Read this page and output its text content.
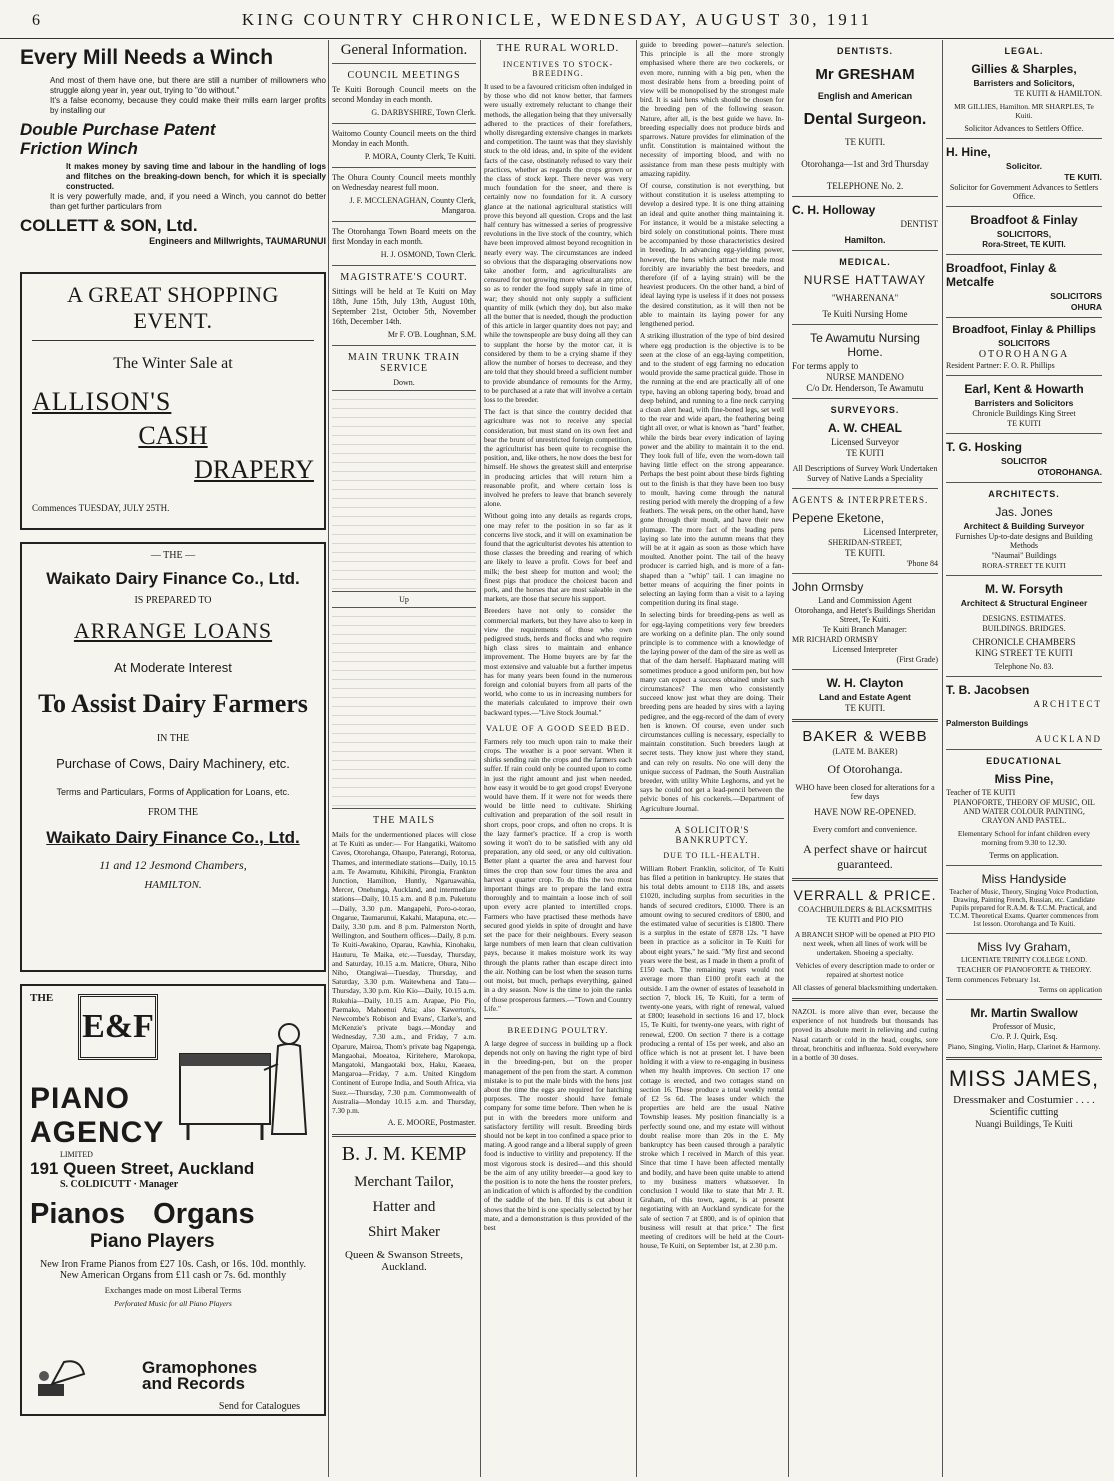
6	KING COUNTRY CHRONICLE, WEDNESDAY, AUGUST 30, 1911
Every Mill Needs a Winch
And most of them have one, but there are still a number of millowners who struggle along year in, year out, trying to "do without."
It's a false economy, because they could make their mills earn larger profits by installing our
Double Purchase Patent Friction Winch
It makes money by saving time and labour in the handling of logs and flitches on the breaking-down bench, for which it is specially constructed.
It is very powerfully made, and, if you need a Winch, you cannot do better than get further particulars from
COLLETT & SON, Ltd.
Engineers and Millwrights, TAUMARUNUI
A GREAT SHOPPING EVENT.
The Winter Sale at
ALLISON'S
CASH
DRAPERY
Commences TUESDAY, JULY 25TH.
— THE —
Waikato Dairy Finance Co., Ltd.
IS PREPARED TO
ARRANGE LOANS
At Moderate Interest
To Assist Dairy Farmers
IN THE
Purchase of Cows, Dairy Machinery, etc.
Terms and Particulars, Forms of Application for Loans, etc.
FROM THE
Waikato Dairy Finance Co., Ltd.
11 and 12 Jesmond Chambers,
HAMILTON.
THE
E&F
PIANO
AGENCY
LIMITED
191 Queen Street, Auckland
S. COLDICUTT · Manager
Pianos Organs
Piano Players
New Iron Frame Pianos from £27 10s. Cash, or 16s. 10d. monthly. New American Organs from £11 cash or 7s. 6d. monthly
Exchanges made on most Liberal Terms
Perforated Music for all Piano Players
Gramophones
and Records
Send for Catalogues
General Information.
COUNCIL MEETINGS

Te Kuiti Borough Council meets on the second Monday in each month.

G. DARBYSHIRE, Town Clerk.

Waitomo County Council meets on the third Monday in each Month.

P. MORA, County Clerk, Te Kuiti.

The Ohura County Council meets monthly on Wednesday nearest full moon.

J. F. MCCLENAGHAN, County Clerk, Mangaroa.

The Otorohanga Town Board meets on the first Monday in each month.

H. J. OSMOND, Town Clerk.

MAGISTRATE'S COURT.

Sittings will be held at Te Kuiti on May 18th, June 15th, July 13th, August 10th, September 21st, October 5th, November 16th, December 14th.

Mr F. O'B. Loughnan, S.M.

MAIN TRUNK TRAIN SERVICE
Down.
Up
THE MAILS

Mails for the undermentioned places will close at Te Kuiti as under:— For Hangatiki, Waitomo Caves, Otorohanga, Ohaupo, Paterangi, Rotorua, Thames, and intermediate stations—Daily, 10.15 a.m. Te Awamutu, Kihikihi, Pirongia, Frankton Junction, Hamilton, Huntly, Ngaruawahia, Mercer, Onehunga, Auckland, and intermediate stations—Daily, 10.15 a.m. and 8 p.m. Puketutu—Daily, 3.30 p.m. Mangapehi, Poro-o-torao, Ongarue, Taumarunui, Kakahi, Matapuna, etc.—Daily, 3.30 p.m. and 8 p.m. Palmerston North, Wellington, and Southern offices—Daily, 8 p.m. Te Kuiti-Awakino, Oparau, Kawhia, Kinohaku, Hauturu, Te Maika, etc.—Tuesday, Thursday, and Saturday, 10.15 a.m. Maticre, Ohura, Niho Niho, Otangiwai—Tuesday, Thursday, and Saturday, 3.30 p.m. Waitewhena and Tatu—Thursday, 3.30 p.m. Kio Kio—Daily, 10.15 a.m. Rukuhia—Daily, 10.15 a.m. Arapae, Pio Pio, Paemako, Mahoenui Aria; also Kawerton's, Newcombe's Robison and Evans', Clarke's, and McKenzie's private bags.—Monday and Wednesday, 7.30 a.m., and Friday, 7 a.m. Oparure, Mairoa, Thom's private bag Ngapenga, Mangaohai, Moeatoa, Kiritehere, Marokopa, Mangatoki, Mangaotaki box, Haku, Kaeaea, Mangaroa—Friday, 7 a.m. United Kingdom Continent of Europe India, and South Africa, via Suez.—Thursday, 7.30 p.m. Commonwealth of Australia—Monday 10.15 a.m. and Thursday, 7.30 p.m.

A. E. MOORE, Postmaster.

B. J. M. KEMP
Merchant Tailor,
Hatter and
Shirt Maker
Queen & Swanson Streets,
Auckland.
THE RURAL WORLD.
INCENTIVES TO STOCK-BREEDING.

It used to be a favoured criticism often indulged in by those who did not know better, that farmers were usually extremely reluctant to change their methods, the allegation being that they universally adhered to the practices of their forefathers, wholly disregarding extensive changes in markets and competition. The taunt was that they slavishly stuck to the old ideas, and, in spite of the evident facts of the case, obstinately refused to vary their practices, whether as regards the crops grown or the class of stock kept. There never was very much foundation for the sneer, and there is certainly now no foundation for it. A cursory glance at the national agricultural statistics will prove this beyond all question. Crops and the last half century has witnessed a series of progressive revolutions in the live stock of the country, which have been improved almost beyond recognition in nearly every way. The circumstances are indeed so obvious that the disparaging observations now take another form, and agriculturalists are censured for not growing more wheat at any price, so as to render the food supply safe in time of war; they should not only supply a sufficient quantity of milk (which they do), but also make all the butter that is needed, though the production of this article in larger quantity does not pay; and while the townspeople are busy doing all they can to supplant the horse by the motor car, it is considered by them to be a crying shame if they allow the number of horses to decrease, and they are told that they should breed a sufficient number to provide abundance of remounts for the Army, to be purchased at a rate that will involve a certain loss to the breeder.

The fact is that since the country decided that agriculture was not to receive any special consideration, but must stand on its own feet and bear the brunt of unrestricted foreign competition, the agriculturist has been quite to recognise the position, and, like others, he now does the best for himself. He shows the greatest skill and enterprise in producing articles that will return him a reasonable profit, and where certain loss is involved he prefers to leave that branch severely alone.

Without going into any details as regards crops, one may refer to the position in so far as it concerns live stock, and it will on examination be found that the agriculturist devotes his attention to those classes the breeding and rearing of which are likely to leave a profit. Cows for beef and milk; the best sheep for mutton and wool; the finest pigs that produce the choicest bacon and pork, and the horses that are most saleable in the markets, are those that secure his support.

Breeders have not only to consider the commercial markets, but they have also to keep in view the requirements of those who own pedigreed studs, herds and flocks and who require high class sires to maintain and enhance improvement. The Home buyers are by far the most extensive and valuable but a further impetus has for many years been found in the numerous foreign and colonial buyers from all parts of the world, who come to us in increasing numbers for the materials calculated to improve their own backward types.—"Live Stock Journal."

VALUE OF A GOOD SEED BED.

Farmers rely too much upon rain to make their crops. The weather is a poor servant. When it shirks sending rain the crops and the farmers each suffer. If rain could only be counted upon to come in just the right amount and just when needed, how easy it would be to get good crops! Everyone would have them. If it were not for weeds there would be little need to cultivate. Shirking cultivation and preparation of the soil result in short crops, poor crops, and often no crops. It is the lazy farmer's practice. If a crop is worth sowing it won't do to be satisfied with any old preparation, any old seed, or any old cultivation. Better plant a quarter the area and harvest four times the crop than sow four times the area and harvest a quarter crop. To do this the two most important things are to prepare the land extra thoroughly and to maintain a loose inch of soil upon every acre planted to intertilled crops. Farmers who have practised these methods have secured good yields in spite of drought and have set the pace for their neighbours. Every season large numbers of men learn that clean cultivation pays, because it makes moisture work its way through the plants rather than escape direct into the air. Nothing can be lost when the season turns out moist, but much, perhaps everything, gained in a dry season. Now is the time to join the ranks of those prosperous farmers.—"Town and Country Life."

BREEDING POULTRY.

A large degree of success in building up a flock depends not only on having the right type of bird in the breeding-pen, but on the proper management of the pen from the start. A common mistake is to put the male birds with the hens just about the time the eggs are required for hatching purposes. The rooster should have female company for some time before. Then when he is put in with the breeders more uniform and satisfactory fertility will result. Breeding birds should not be kept in too confined a space prior to mating. A good range and a liberal supply of green food is inductive to virility and prepotency. If the most vigorous stock is desired—and this should be the aim of any utility breeder—a good key to the position is to note the hens the rooster prefers, an indication of which is afforded by the condition of the saddle of the hen. If this is cut about it shows that the bird is one specially selected by her mate, and a demonstration is thus provided of the best

guide to breeding power—nature's selection. This principle is all the more strongly emphasised where there are two cockerels, or even more, running with a big pen, when the most desirable hens from a breeding point of view will be monopolised by the strongest male bird. It is said hens which should be chosen for the breeding pen of the following season. Nature, after all, is the best guide we have. In-breeding especially does not produce birds and sparrows. Nature provides for elimination of the unfit. Constitution is maintained without the necessity of importing blood, and with no assistance from man these pests multiply with amazing rapidity.

Of course, constitution is not everything, but without constitution it is useless attempting to develop a desired type. It is one thing attaining an ideal and quite another thing maintaining it. For instance, it would be a mistake selecting a bird solely on constitutional points. There must be accompanied by those characteristics desired in breeding. In advancing egg-yielding power, however, the hens which attract the male most forcibly are invariably the best breeders, and therefore (if of a laying strain) will be the heaviest producers. On the other hand, a bird of ideal laying type is useless if it does not possess the desired constitution, as it will then not be able to maintain its laying power for any lengthened period.

A striking illustration of the type of bird desired where egg production is the objective is to be seen at the close of an egg-laying competition, and to the student of egg farming no education would provide the same practical guide. Those in the running at the end are practically all of one type, having an oblong tapering body, broad and deep behind, and running to a fine neck carrying a clean alert head, with fine-boned legs, set well to the rear and wide apart, the feathering being tight all over, or what is known as "hard" feather, while the birds bear every indication of laying power and the ability to maintain it to the end. They look full of life, even the worn-down tail having little effect on the strong appearance. Perhaps the best point about these birds fighting out to the finish is that they have been too busy to moult, having come through the natural resting period with merely the dropping of a few feathers. The weak pens, on the other hand, have gone through their moult, and have their new plumage. The more fact of the leading pens laying so late into the autumn means that they will be at it again as soon as those which have moulted. Another point. The tail of the heavy producer is carried high, and is more of a fan-shaped than a "whip" tail. I can imagine no better means of acquiring the finer points in selecting an laying form than a visit to a laying competition during its final stage.

In selecting birds for breeding-pens as well as for egg-laying competitions very few breeders are working on a definite plan. The only sound principle is to commence with a knowledge of the laying power of the dam of the sire as well as that of the dam herself. Haphazard mating will sometimes produce a good uniform pen, but how many can expect a success obtained under such circumstances? The men who consistently succeed know just what they are doing. Their breeding pens are headed by sires with a laying pedigree, and the egg-record of the dam of every hen is known. Of course, even under such circumstances culling is necessary, especially to maintain constitution. Such breeders laugh at secret tests. They know just where they stand, and can rely on results. No one will deny the unique success of Padman, the South Australian breeder, with utility White Leghorns, and yet he says he could not get a lead-pencil between the pelvic bones of his cockerels.—Department of Agriculture Journal.

A SOLICITOR'S BANKRUPTCY.
DUE TO ILL-HEALTH.

William Robert Franklin, solicitor, of Te Kuiti has filed a petition in bankruptcy. He states that his total debts amount to £118 18s, and assets £1020, including surplus from securities in the hands of secured creditors, £1000. There is an amount owing to secured creditors of £800, and the estimated value of securities is £1800. There is a surplus in the estate of £878 12s. "I have been in practice as a solicitor in Te Kuiti for about eight years," he said. "My first and second years were the best, as I made in them a profit of £150 each. The remaining years would not average more than £100 profit each at the outside. I am the owner of estates of leasehold in section 7, block 16, Te Kuiti, for a term of twenty-one years, with right of renewal, valued at £800; leasehold in sections 16 and 17, block 15, Te Kuiti, for twenty-one years, with right of renewal, £200. On section 7 there is a cottage producing a rental of 15s per week, and also an office which is not at present let. I have been holding it with a view to re-engaging in business when my health improves. On section 17 one cottage is erected, and two cottages stand on section 16. These produce a total weekly rental of £2 5s 6d. The leases under which the properties are held are the usual Native Township leases. My position financially is a perfectly sound one, and my estate will without doubt realise more than 20s in the £. My bankruptcy has been caused through a paralytic stroke which I received in March of this year. Since that time I have been affected mentally and bodily, and have been quite unable to attend to my business matters whatsoever. In conclusion I would like to state that Mr J. R. Graham, of this town, agent, is at present negotiating with an Auckland syndicate for the sale of section 7 at £800, and is of opinion that business will result at that price." The first meeting of creditors will be held at the Court-house, Te Kuiti, on September 1st, at 2.30 p.m.

DENTISTS.
Mr GRESHAM
English and American
Dental Surgeon.
TE KUITI.
Otorohanga—1st and 3rd Thursday
TELEPHONE No. 2.
C. H. Holloway
DENTIST
Hamilton.
MEDICAL.
NURSE HATTAWAY
"WHARENANA"
Te Kuiti Nursing Home
Te Awamutu Nursing Home.
For terms apply to
NURSE MANDENO
C/o Dr. Henderson, Te Awamutu
SURVEYORS.
A. W. CHEAL
Licensed Surveyor
TE KUITI
All Descriptions of Survey Work Undertaken
Survey of Native Lands a Speciality
AGENTS & INTERPRETERS.
Pepene Eketone,
Licensed Interpreter,
SHERIDAN-STREET,
TE KUITI.
'Phone 84
John Ormsby
Land and Commission Agent
Otorohanga, and Hetet's Buildings Sheridan Street, Te Kuiti.
Te Kuiti Branch Manager:
MR RICHARD ORMSBY
Licensed Interpreter
(First Grade)
W. H. Clayton
Land and Estate Agent
TE KUITI.
BAKER & WEBB
(LATE M. BAKER)
Of Otorohanga.
WHO have been closed for alterations for a few days
HAVE NOW RE-OPENED.
Every comfort and convenience.
A perfect shave or haircut guaranteed.
VERRALL & PRICE.
COACHBUILDERS & BLACKSMITHS
TE KUITI and PIO PIO
A BRANCH SHOP will be opened at PIO PIO next week, when all lines of work will be undertaken. Shoeing a specialty.
Vehicles of every description made to order or repaired at shortest notice
All classes of general blacksmithing undertaken.

NAZOL is more alive than ever, because the experience of not hundreds but thousands has proved its absolute merit in relieving and curing Nasal catarrh or cold in the head, coughs, sore throat, bronchitis and influenza. Sold everywhere in a bottle of 30 doses.

LEGAL.
Gillies & Sharples,
Barristers and Solicitors,
TE KUITI & HAMILTON.
MR GILLIES, Hamilton. MR SHARPLES, Te Kuiti.
Solicitor Advances to Settlers Office.
H. Hine,
Solicitor.
TE KUITI.
Solicitor for Government Advances to Settlers Office.
Broadfoot & Finlay
SOLICITORS,
Rora-Street, TE KUITI.
Broadfoot, Finlay & Metcalfe
SOLICITORS
OHURA
Broadfoot, Finlay & Phillips
SOLICITORS
OTOROHANGA
Resident Partner: F. O. R. Phillips
Earl, Kent & Howarth
Barristers and Solicitors
Chronicle Buildings King Street
TE KUITI
T. G. Hosking
SOLICITOR
OTOROHANGA.
ARCHITECTS.
Jas. Jones
Architect & Building Surveyor
Furnishes Up-to-date designs and Building Methods
"Naumai" Buildings
RORA-STREET TE KUITI
M. W. Forsyth
Architect & Structural Engineer
DESIGNS. ESTIMATES.
BUILDINGS. BRIDGES.
CHRONICLE CHAMBERS
KING STREET TE KUITI
Telephone No. 83.
T. B. Jacobsen
ARCHITECT
Palmerston Buildings
AUCKLAND
EDUCATIONAL
Miss Pine,
Teacher of TE KUITI
PIANOFORTE, THEORY OF MUSIC, OIL AND WATER COLOUR PAINTING, CRAYON AND PASTEL.
Elementary School for infant children every morning from 9.30 to 12.30.
Terms on application.
Miss Handyside
Teacher of Music, Theory, Singing Voice Production, Drawing, Painting French, Russian, etc. Candidate Pupils prepared for R.A.M. & T.C.M. Practical, and T.C.M. Theoretical Exams. Quarter commences from 1st lesson. Otorohanga and Te Kuiti.
Miss Ivy Graham,
LICENTIATE TRINITY COLLEGE LOND.
TEACHER OF PIANOFORTE & THEORY.
Term commences February 1st.
Terms on application
Mr. Martin Swallow
Professor of Music,
C/o. P. J. Quirk, Esq.
Piano, Singing, Violin, Harp, Clarinet & Harmony.
MISS JAMES,
Dressmaker and Costumier . . . .
Scientific cutting
Nuangi Buildings, Te Kuiti
